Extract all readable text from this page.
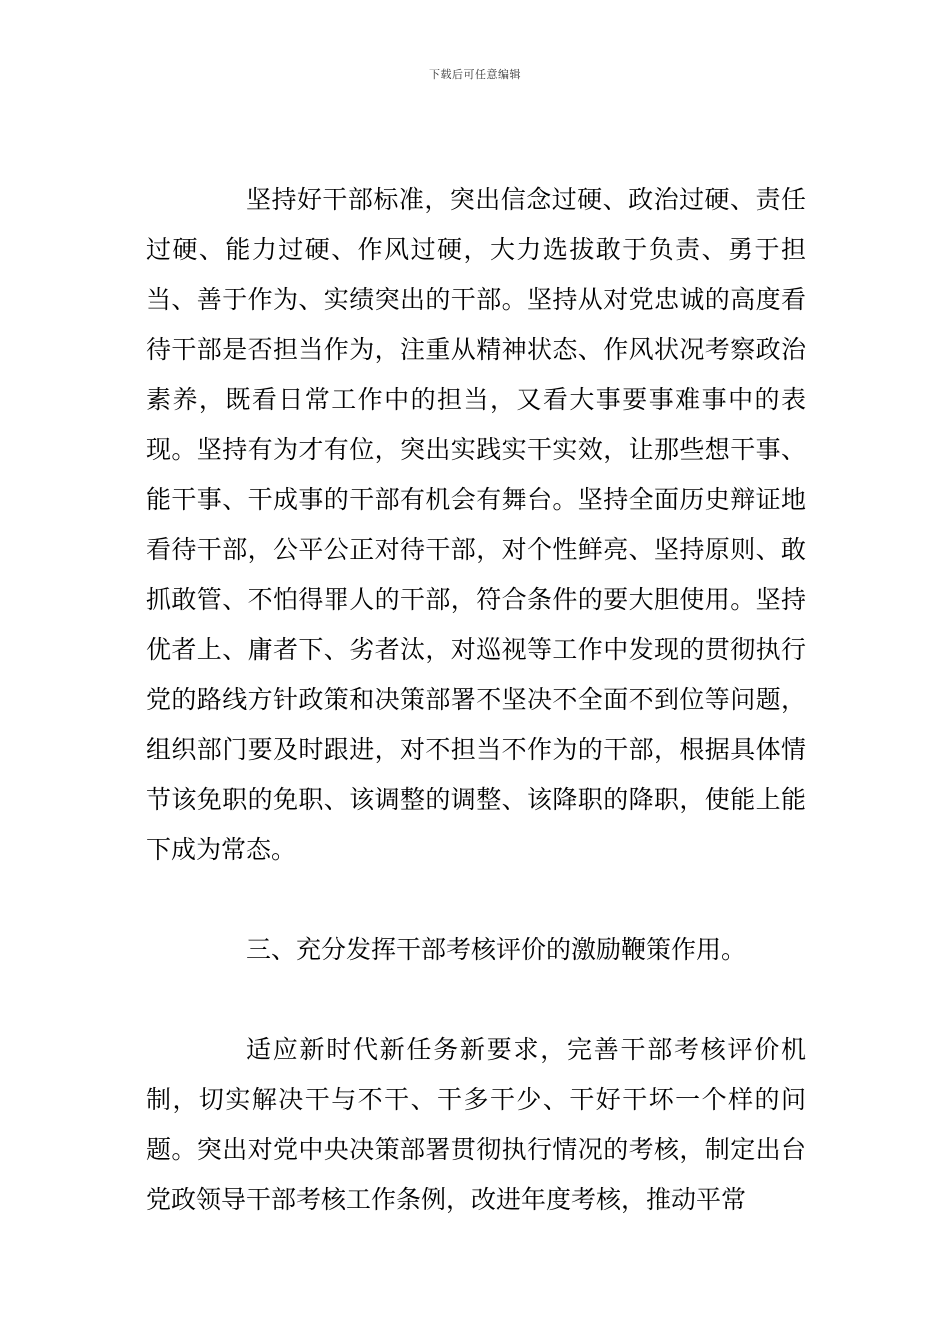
下载后可任意编辑

坚持好干部标准，突出信念过硬、政治过硬、责任过硬、能力过硬、作风过硬，大力选拔敢于负责、勇于担当、善于作为、实绩突出的干部。坚持从对党忠诚的高度看待干部是否担当作为，注重从精神状态、作风状况考察政治素养，既看日常工作中的担当，又看大事要事难事中的表现。坚持有为才有位，突出实践实干实效，让那些想干事、能干事、干成事的干部有机会有舞台。坚持全面历史辩证地看待干部，公平公正对待干部，对个性鲜亮、坚持原则、敢抓敢管、不怕得罪人的干部，符合条件的要大胆使用。坚持优者上、庸者下、劣者汰，对巡视等工作中发现的贯彻执行党的路线方针政策和决策部署不坚决不全面不到位等问题，组织部门要及时跟进，对不担当不作为的干部，根据具体情节该免职的免职、该调整的调整、该降职的降职，使能上能下成为常态。

三、充分发挥干部考核评价的激励鞭策作用。

适应新时代新任务新要求，完善干部考核评价机制，切实解决干与不干、干多干少、干好干坏一个样的问题。突出对党中央决策部署贯彻执行情况的考核，制定出台党政领导干部考核工作条例，改进年度考核，推动平常
